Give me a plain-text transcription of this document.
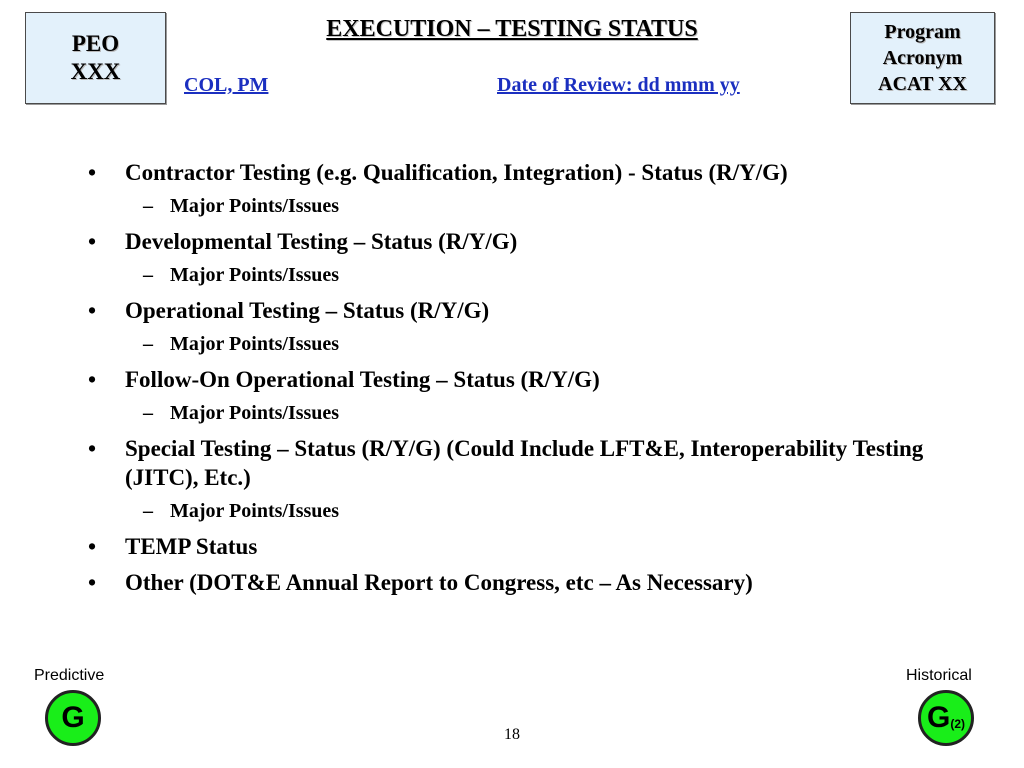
PEO
XXX
EXECUTION – TESTING STATUS
COL, PM	Date of Review: dd mmm yy
Program
Acronym
ACAT XX
• Contractor Testing (e.g. Qualification, Integration) - Status (R/Y/G)
– Major Points/Issues
• Developmental Testing – Status (R/Y/G)
– Major Points/Issues
• Operational Testing – Status (R/Y/G)
– Major Points/Issues
• Follow-On Operational Testing – Status (R/Y/G)
– Major Points/Issues
• Special Testing – Status (R/Y/G) (Could Include LFT&E, Interoperability Testing (JITC), Etc.)
– Major Points/Issues
• TEMP Status
• Other (DOT&E Annual Report to Congress, etc – As Necessary)
Predictive
G
18
Historical
$G_{(2)}$
